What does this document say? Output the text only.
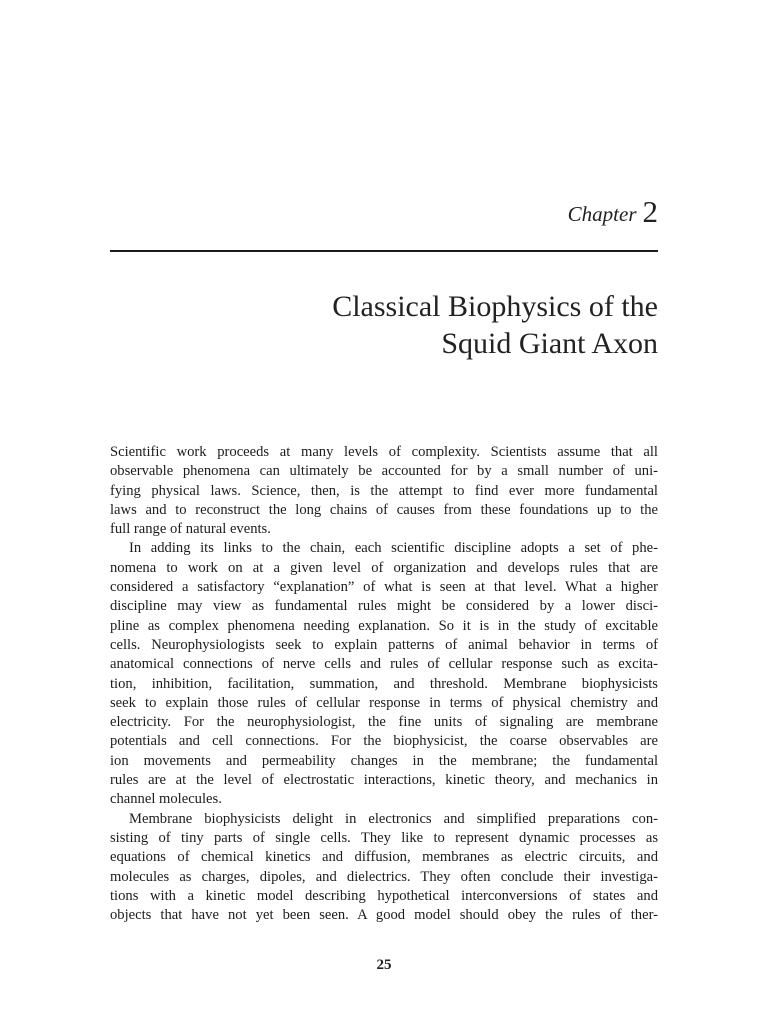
Chapter 2
Classical Biophysics of the
Squid Giant Axon
Scientific work proceeds at many levels of complexity. Scientists assume that all
observable phenomena can ultimately be accounted for by a small number of uni-
fying physical laws. Science, then, is the attempt to find ever more fundamental
laws and to reconstruct the long chains of causes from these foundations up to the
full range of natural events.
In adding its links to the chain, each scientific discipline adopts a set of phe-
nomena to work on at a given level of organization and develops rules that are
considered a satisfactory “explanation” of what is seen at that level. What a higher
discipline may view as fundamental rules might be considered by a lower disci-
pline as complex phenomena needing explanation. So it is in the study of excitable
cells. Neurophysiologists seek to explain patterns of animal behavior in terms of
anatomical connections of nerve cells and rules of cellular response such as excita-
tion, inhibition, facilitation, summation, and threshold. Membrane biophysicists
seek to explain those rules of cellular response in terms of physical chemistry and
electricity. For the neurophysiologist, the fine units of signaling are membrane
potentials and cell connections. For the biophysicist, the coarse observables are
ion movements and permeability changes in the membrane; the fundamental
rules are at the level of electrostatic interactions, kinetic theory, and mechanics in
channel molecules.
Membrane biophysicists delight in electronics and simplified preparations con-
sisting of tiny parts of single cells. They like to represent dynamic processes as
equations of chemical kinetics and diffusion, membranes as electric circuits, and
molecules as charges, dipoles, and dielectrics. They often conclude their investiga-
tions with a kinetic model describing hypothetical interconversions of states and
objects that have not yet been seen. A good model should obey the rules of ther-
25
